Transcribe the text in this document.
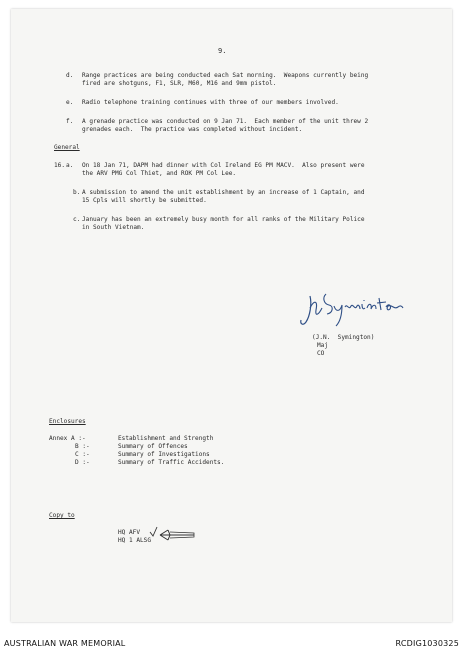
9.
d. Range practices are being conducted each Sat morning.  Weapons currently being
fired are shotguns, F1, SLR, M60, M16 and 9mm pistol.
e. Radio telephone training continues with three of our members involved.
f. A grenade practice was conducted on 9 Jan 71.  Each member of the unit threw 2
grenades each.  The practice was completed without incident.
General
16. a. On 18 Jan 71, DAPM had dinner with Col Ireland EG PM MACV.  Also present were
the ARV PMG Col Thiet, and ROK PM Col Lee.
b. A submission to amend the unit establishment by an increase of 1 Captain, and
15 Cpls will shortly be submitted.
c. January has been an extremely busy month for all ranks of the Military Police
in South Vietnam.
(J.N.  Symington)
Maj
CO
Enclosures
Annex A :-	Establishment and Strength
B :-	Summary of Offences
C :-	Summary of Investigations
D :-	Summary of Traffic Accidents.
Copy to
HQ AFV
HQ 1 ALSG
AUSTRALIAN WAR MEMORIAL	RCDIG1030325
